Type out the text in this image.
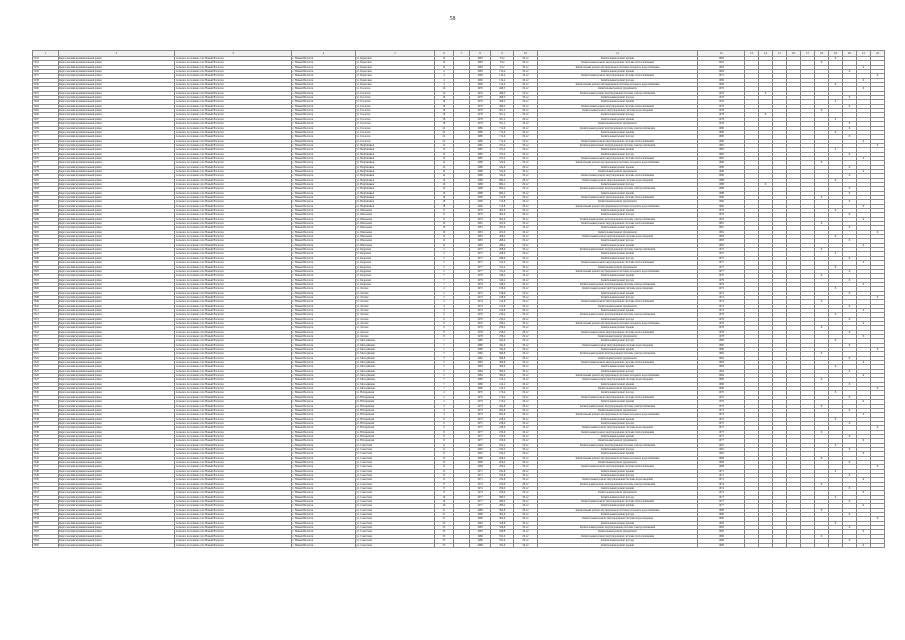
58
1	2	3	4	5	6	7	8	9	10	11	12	13	14	15	16	17	18	19	20	21	22
5253	Каргасокский муниципальный район	Сельское поселение села Новый Васюган	с. Новый Васюган	ул. Береговая	14		1983	53,2	29.12	Капитальный ремонт крыши	1983							X			
5254	Каргасокский муниципальный район	Сельское поселение села Новый Васюган	с. Новый Васюган	ул. Береговая	14		1983	53,2	29.12	Капитальный ремонт внутридомовой системы теплоснабжения	2022						X				
5255	Каргасокский муниципальный район	Сельское поселение села Новый Васюган	с. Новый Васюган	ул. Береговая	14		1983	53,2	29.12	Капитальный ремонт внутридомовой системы холодного водоснабжения	1983									X	
5256	Каргасокский муниципальный район	Сельское поселение села Новый Васюган	с. Новый Васюган	ул. Береговая	4		1969	134,4	29.12	Капитальный ремонт крыши	1969								X		
5257	Каргасокский муниципальный район	Сельское поселение села Новый Васюган	с. Новый Васюган	ул. Береговая	4		1969	134,4	29.12	Капитальный ремонт внутридомовой системы теплоснабжения	1972										X
5258	Каргасокский муниципальный район	Сельское поселение села Новый Васюган	с. Новый Васюган	ул. Береговая	4		1969	134,4	29.12	Капитальный ремонт фасада	1969									X	
5259	Каргасокский муниципальный район	Сельское поселение села Новый Васюган	с. Новый Васюган	ул. Береговая	4		1969	134,4	29.12	Капитальный ремонт внутридомовой системы холодного водоснабжения	1969							X			
5260	Каргасокский муниципальный район	Сельское поселение села Новый Васюган	с. Новый Васюган	ул. Геологов	16		1976	498,3	29.12	Капитальный ремонт фундамента	1976									X	
5261	Каргасокский муниципальный район	Сельское поселение села Новый Васюган	с. Новый Васюган	ул. Геологов	16		1976	498,3	29.12	Капитальный ремонт внутридомовой системы электроснабжения	1976		X								
5262	Каргасокский муниципальный район	Сельское поселение села Новый Васюган	с. Новый Васюган	ул. Геологов	16		1976	498,3	29.12	Капитальный ремонт фасада	1976								X		
5263	Каргасокский муниципальный район	Сельское поселение села Новый Васюган	с. Новый Васюган	ул. Геологов	16		1976	498,3	29.12	Капитальный ремонт крыши	1976							X			
5264	Каргасокский муниципальный район	Сельское поселение села Новый Васюган	с. Новый Васюган	ул. Геологов	16		1976	498,3	29.12	Капитальный ремонт внутридомовой системы теплоснабжения	1976								X		
5265	Каргасокский муниципальный район	Сельское поселение села Новый Васюган	с. Новый Васюган	ул. Геологов	18		1978	501,2	29.12	Капитальный ремонт внутридомовой системы водоотведения	1978						X				
5266	Каргасокский муниципальный район	Сельское поселение села Новый Васюган	с. Новый Васюган	ул. Геологов	18		1978	501,2	29.12	Капитальный ремонт фасада	1978		X								
5267	Каргасокский муниципальный район	Сельское поселение села Новый Васюган	с. Новый Васюган	ул. Геологов	18		1978	501,2	29.12	Капитальный ремонт крыши	1978							X			
5268	Каргасокский муниципальный район	Сельское поселение села Новый Васюган	с. Новый Васюган	ул. Геологов	18		1978	501,2	29.12	Капитальный ремонт фундамента	1978								X		
5269	Каргасокский муниципальный район	Сельское поселение села Новый Васюган	с. Новый Васюган	ул. Геологов	22		1980	712,6	29.12	Капитальный ремонт внутридомовой системы электроснабжения	1980								X		
5270	Каргасокский муниципальный район	Сельское поселение села Новый Васюган	с. Новый Васюган	ул. Геологов	22		1980	712,6	29.12	Капитальный ремонт крыши	1980							X			
5271	Каргасокский муниципальный район	Сельское поселение села Новый Васюган	с. Новый Васюган	ул. Геологов	22		1980	712,6	29.12	Капитальный ремонт фасада	1980								X		
5272	Каргасокский муниципальный район	Сельское поселение села Новый Васюган	с. Новый Васюган	ул. Геологов	22		1980	712,6	29.12	Капитальный ремонт внутридомовой системы теплоснабжения	1980									X	
5273	Каргасокский муниципальный район	Сельское поселение села Новый Васюган	с. Новый Васюган	ул. Нефтяников	12		1985	472,4	29.12	Капитальный ремонт внутридомовой системы электроснабжения	1985										X
5274	Каргасокский муниципальный район	Сельское поселение села Новый Васюган	с. Новый Васюган	ул. Нефтяников	12		1985	472,4	29.12	Капитальный ремонт крыши	1985							X			
5275	Каргасокский муниципальный район	Сельское поселение села Новый Васюган	с. Новый Васюган	ул. Нефтяников	12		1985	472,4	29.12	Капитальный ремонт фасада	1985								X		
5276	Каргасокский муниципальный район	Сельское поселение села Новый Васюган	с. Новый Васюган	ул. Нефтяников	12		1985	472,4	29.12	Капитальный ремонт внутридомовой системы теплоснабжения	1985									X	
5277	Каргасокский муниципальный район	Сельское поселение села Новый Васюган	с. Новый Васюган	ул. Нефтяников	14		1986	524,6	29.12	Капитальный ремонт внутридомовой системы холодного водоснабжения	1986						X				
5278	Каргасокский муниципальный район	Сельское поселение села Новый Васюган	с. Новый Васюган	ул. Нефтяников	14		1986	524,6	29.12	Капитальный ремонт крыши	1986								X		
5279	Каргасокский муниципальный район	Сельское поселение села Новый Васюган	с. Новый Васюган	ул. Нефтяников	14		1986	524,6	29.12	Капитальный ремонт фундамента	1986									X	
5280	Каргасокский муниципальный район	Сельское поселение села Новый Васюган	с. Новый Васюган	ул. Нефтяников	14		1986	524,6	29.12	Капитальный ремонт внутридомовой системы теплоснабжения	1986								X		
5281	Каргасокский муниципальный район	Сельское поселение села Новый Васюган	с. Новый Васюган	ул. Нефтяников	16		1988	684,2	29.12	Капитальный ремонт внутридомовой системы водоотведения	1988							X			
5282	Каргасокский муниципальный район	Сельское поселение села Новый Васюган	с. Новый Васюган	ул. Нефтяников	16		1988	684,2	29.12	Капитальный ремонт фасада	1988		X								
5283	Каргасокский муниципальный район	Сельское поселение села Новый Васюган	с. Новый Васюган	ул. Нефтяников	16		1988	684,2	29.12	Капитальный ремонт внутридомовой системы электроснабжения	1988								X		
5284	Каргасокский муниципальный район	Сельское поселение села Новый Васюган	с. Новый Васюган	ул. Нефтяников	16		1988	684,2	29.12	Капитальный ремонт крыши	1988								X		
5285	Каргасокский муниципальный район	Сельское поселение села Новый Васюган	с. Новый Васюган	ул. Нефтяников	18		1990	712,8	29.12	Капитальный ремонт внутридомовой системы теплоснабжения	1990						X				
5286	Каргасокский муниципальный район	Сельское поселение села Новый Васюган	с. Новый Васюган	ул. Нефтяников	18		1990	712,8	29.12	Капитальный ремонт фундамента	1990								X		
5287	Каргасокский муниципальный район	Сельское поселение села Новый Васюган	с. Новый Васюган	ул. Нефтяников	18		1990	712,8	29.12	Капитальный ремонт внутридомовой системы холодного водоснабжения	1990									X	
5288	Каргасокский муниципальный район	Сельское поселение села Новый Васюган	с. Новый Васюган	ул. Школьная	8		1979	402,6	29.12	Капитальный ремонт крыши	1979							X			
5289	Каргасокский муниципальный район	Сельское поселение села Новый Васюган	с. Новый Васюган	ул. Школьная	8		1979	402,6	29.12	Капитальный ремонт фасада	1979								X		
5290	Каргасокский муниципальный район	Сельское поселение села Новый Васюган	с. Новый Васюган	ул. Школьная	8		1979	402,6	29.12	Капитальный ремонт внутридомовой системы электроснабжения	1979									X	
5291	Каргасокский муниципальный район	Сельское поселение села Новый Васюган	с. Новый Васюган	ул. Школьная	10		1981	455,0	29.12	Капитальный ремонт внутридомовой системы теплоснабжения	1981						X				
5292	Каргасокский муниципальный район	Сельское поселение села Новый Васюган	с. Новый Васюган	ул. Школьная	10		1981	455,0	29.12	Капитальный ремонт крыши	1981								X		
5293	Каргасокский муниципальный район	Сельское поселение села Новый Васюган	с. Новый Васюган	ул. Школьная	10		1981	455,0	29.12	Капитальный ремонт фундамента	1981										X
5294	Каргасокский муниципальный район	Сельское поселение села Новый Васюган	с. Новый Васюган	ул. Школьная	12		1983	498,4	29.12	Капитальный ремонт внутридомовой системы водоотведения	1983							X			
5295	Каргасокский муниципальный район	Сельское поселение села Новый Васюган	с. Новый Васюган	ул. Школьная	12		1983	498,4	29.12	Капитальный ремонт фасада	1983								X		
5296	Каргасокский муниципальный район	Сельское поселение села Новый Васюган	с. Новый Васюган	ул. Школьная	12		1983	498,4	29.12	Капитальный ремонт крыши	1983									X	
5297	Каргасокский муниципальный район	Сельское поселение села Новый Васюган	с. Новый Васюган	ул. Кедровая	3		1975	268,6	29.12	Капитальный ремонт внутридомовой системы электроснабжения	1975						X				
5298	Каргасокский муниципальный район	Сельское поселение села Новый Васюган	с. Новый Васюган	ул. Кедровая	3		1975	268,6	29.12	Капитальный ремонт крыши	1975							X			
5299	Каргасокский муниципальный район	Сельское поселение села Новый Васюган	с. Новый Васюган	ул. Кедровая	3		1975	268,6	29.12	Капитальный ремонт фасада	1975								X		
5300	Каргасокский муниципальный район	Сельское поселение села Новый Васюган	с. Новый Васюган	ул. Кедровая	5		1977	312,4	29.12	Капитальный ремонт внутридомовой системы теплоснабжения	1977									X	
5301	Каргасокский муниципальный район	Сельское поселение села Новый Васюган	с. Новый Васюган	ул. Кедровая	5		1977	312,4	29.12	Капитальный ремонт фундамента	1977							X			
5302	Каргасокский муниципальный район	Сельское поселение села Новый Васюган	с. Новый Васюган	ул. Кедровая	5		1977	312,4	29.12	Капитальный ремонт внутридомовой системы холодного водоснабжения	1977								X		
5303	Каргасокский муниципальный район	Сельское поселение села Новый Васюган	с. Новый Васюган	ул. Кедровая	7		1979	340,2	29.12	Капитальный ремонт крыши	1979						X				
5304	Каргасокский муниципальный район	Сельское поселение села Новый Васюган	с. Новый Васюган	ул. Кедровая	7		1979	340,2	29.12	Капитальный ремонт фасада	1979								X		
5305	Каргасокский муниципальный район	Сельское поселение села Новый Васюган	с. Новый Васюган	ул. Кедровая	7		1979	340,2	29.12	Капитальный ремонт внутридомовой системы электроснабжения	1979									X	
5306	Каргасокский муниципальный район	Сельское поселение села Новый Васюган	с. Новый Васюган	ул. Лесная	2		1972	198,6	29.12	Капитальный ремонт внутридомовой системы водоотведения	1972							X			
5307	Каргасокский муниципальный район	Сельское поселение села Новый Васюган	с. Новый Васюган	ул. Лесная	2		1972	198,6	29.12	Капитальный ремонт крыши	1972								X		
5308	Каргасокский муниципальный район	Сельское поселение села Новый Васюган	с. Новый Васюган	ул. Лесная	2		1972	198,6	29.12	Капитальный ремонт фасада	1972										X
5309	Каргасокский муниципальный район	Сельское поселение села Новый Васюган	с. Новый Васюган	ул. Лесная	4		1974	214,8	29.12	Капитальный ремонт внутридомовой системы теплоснабжения	1974						X				
5310	Каргасокский муниципальный район	Сельское поселение села Новый Васюган	с. Новый Васюган	ул. Лесная	4		1974	214,8	29.12	Капитальный ремонт фундамента	1974								X		
5311	Каргасокский муниципальный район	Сельское поселение села Новый Васюган	с. Новый Васюган	ул. Лесная	4		1974	214,8	29.12	Капитальный ремонт крыши	1974									X	
5312	Каргасокский муниципальный район	Сельское поселение села Новый Васюган	с. Новый Васюган	ул. Лесная	6		1976	236,2	29.12	Капитальный ремонт внутридомовой системы электроснабжения	1976							X			
5313	Каргасокский муниципальный район	Сельское поселение села Новый Васюган	с. Новый Васюган	ул. Лесная	6		1976	236,2	29.12	Капитальный ремонт фасада	1976								X		
5314	Каргасокский муниципальный район	Сельское поселение села Новый Васюган	с. Новый Васюган	ул. Лесная	6		1976	236,2	29.12	Капитальный ремонт внутридомовой системы холодного водоснабжения	1976									X	
5315	Каргасокский муниципальный район	Сельское поселение села Новый Васюган	с. Новый Васюган	ул. Лесная	8		1978	258,4	29.12	Капитальный ремонт крыши	1978						X				
5316	Каргасокский муниципальный район	Сельское поселение села Новый Васюган	с. Новый Васюган	ул. Лесная	8		1978	258,4	29.12	Капитальный ремонт внутридомовой системы теплоснабжения	1978								X		
5317	Каргасокский муниципальный район	Сельское поселение села Новый Васюган	с. Новый Васюган	ул. Лесная	8		1978	258,4	29.12	Капитальный ремонт фундамента	1978									X	
5318	Каргасокский муниципальный район	Сельское поселение села Новый Васюган	с. Новый Васюган	ул. Молодёжная	1		1980	342,6	29.12	Капитальный ремонт фасада	1980							X			
5319	Каргасокский муниципальный район	Сельское поселение села Новый Васюган	с. Новый Васюган	ул. Молодёжная	1		1980	342,6	29.12	Капитальный ремонт внутридомовой системы водоотведения	1980								X		
5320	Каргасокский муниципальный район	Сельское поселение села Новый Васюган	с. Новый Васюган	ул. Молодёжная	1		1980	342,6	29.12	Капитальный ремонт крыши	1980										X
5321	Каргасокский муниципальный район	Сельское поселение села Новый Васюган	с. Новый Васюган	ул. Молодёжная	3		1982	366,8	29.12	Капитальный ремонт внутридомовой системы электроснабжения	1982						X				
5322	Каргасокский муниципальный район	Сельское поселение села Новый Васюган	с. Новый Васюган	ул. Молодёжная	3		1982	366,8	29.12	Капитальный ремонт фундамента	1982								X		
5323	Каргасокский муниципальный район	Сельское поселение села Новый Васюган	с. Новый Васюган	ул. Молодёжная	3		1982	366,8	29.12	Капитальный ремонт внутридомовой системы теплоснабжения	1982									X	
5324	Каргасокский муниципальный район	Сельское поселение села Новый Васюган	с. Новый Васюган	ул. Молодёжная	5		1984	390,0	29.12	Капитальный ремонт крыши	1984							X			
5325	Каргасокский муниципальный район	Сельское поселение села Новый Васюган	с. Новый Васюган	ул. Молодёжная	5		1984	390,0	29.12	Капитальный ремонт фасада	1984								X		
5326	Каргасокский муниципальный район	Сельское поселение села Новый Васюган	с. Новый Васюган	ул. Молодёжная	5		1984	390,0	29.12	Капитальный ремонт внутридомовой системы холодного водоснабжения	1984									X	
5327	Каргасокский муниципальный район	Сельское поселение села Новый Васюган	с. Новый Васюган	ул. Молодёжная	7		1986	412,2	29.12	Капитальный ремонт внутридомовой системы водоотведения	1986						X				
5328	Каргасокский муниципальный район	Сельское поселение села Новый Васюган	с. Новый Васюган	ул. Молодёжная	7		1986	412,2	29.12	Капитальный ремонт крыши	1986								X		
5329	Каргасокский муниципальный район	Сельское поселение села Новый Васюган	с. Новый Васюган	ул. Молодёжная	7		1986	412,2	29.12	Капитальный ремонт фундамента	1986										X
5330	Каргасокский муниципальный район	Сельское поселение села Новый Васюган	с. Новый Васюган	ул. Набережная	2		1970	176,4	29.12	Капитальный ремонт фасада	1970							X			
5331	Каргасокский муниципальный район	Сельское поселение села Новый Васюган	с. Новый Васюган	ул. Набережная	2		1970	176,4	29.12	Капитальный ремонт внутридомовой системы теплоснабжения	1970								X		
5332	Каргасокский муниципальный район	Сельское поселение села Новый Васюган	с. Новый Васюган	ул. Набережная	2		1970	176,4	29.12	Капитальный ремонт крыши	1970									X	
5333	Каргасокский муниципальный район	Сельское поселение села Новый Васюган	с. Новый Васюган	ул. Набережная	4		1973	204,8	29.12	Капитальный ремонт внутридомовой системы электроснабжения	1973						X				
5334	Каргасокский муниципальный район	Сельское поселение села Новый Васюган	с. Новый Васюган	ул. Набережная	4		1973	204,8	29.12	Капитальный ремонт фундамента	1973								X		
5335	Каргасокский муниципальный район	Сельское поселение села Новый Васюган	с. Новый Васюган	ул. Набережная	4		1973	204,8	29.12	Капитальный ремонт внутридомовой системы холодного водоснабжения	1973									X	
5336	Каргасокский муниципальный район	Сельское поселение села Новый Васюган	с. Новый Васюган	ул. Набережная	6		1975	228,0	29.12	Капитальный ремонт крыши	1975							X			
5337	Каргасокский муниципальный район	Сельское поселение села Новый Васюган	с. Новый Васюган	ул. Набережная	6		1975	228,0	29.12	Капитальный ремонт фасада	1975								X		
5338	Каргасокский муниципальный район	Сельское поселение села Новый Васюган	с. Новый Васюган	ул. Набережная	6		1975	228,0	29.12	Капитальный ремонт внутридомовой системы водоотведения	1975										X
5339	Каргасокский муниципальный район	Сельское поселение села Новый Васюган	с. Новый Васюган	ул. Набережная	8		1977	250,6	29.12	Капитальный ремонт внутридомовой системы теплоснабжения	1977						X				
5340	Каргасокский муниципальный район	Сельское поселение села Новый Васюган	с. Новый Васюган	ул. Набережная	8		1977	250,6	29.12	Капитальный ремонт крыши	1977								X		
5341	Каргасокский муниципальный район	Сельское поселение села Новый Васюган	с. Новый Васюган	ул. Набережная	8		1977	250,6	29.12	Капитальный ремонт фундамента	1977									X	
5342	Каргасокский муниципальный район	Сельское поселение села Новый Васюган	с. Новый Васюган	ул. Советская	11		1965	184,2	29.12	Капитальный ремонт внутридомовой системы электроснабжения	1965							X			
5343	Каргасокский муниципальный район	Сельское поселение села Новый Васюган	с. Новый Васюган	ул. Советская	11		1965	184,2	29.12	Капитальный ремонт фасада	1965								X		
5344	Каргасокский муниципальный район	Сельское поселение села Новый Васюган	с. Новый Васюган	ул. Советская	11		1965	184,2	29.12	Капитальный ремонт крыши	1965									X	
5345	Каргасокский муниципальный район	Сельское поселение села Новый Васюган	с. Новый Васюган	ул. Советская	13		1968	206,4	29.12	Капитальный ремонт внутридомовой системы холодного водоснабжения	1968						X				
5346	Каргасокский муниципальный район	Сельское поселение села Новый Васюган	с. Новый Васюган	ул. Советская	13		1968	206,4	29.12	Капитальный ремонт фундамента	1968								X		
5347	Каргасокский муниципальный район	Сельское поселение села Новый Васюган	с. Новый Васюган	ул. Советская	13		1968	206,4	29.12	Капитальный ремонт внутридомовой системы теплоснабжения	1968										X
5348	Каргасокский муниципальный район	Сельское поселение села Новый Васюган	с. Новый Васюган	ул. Советская	15		1971	232,8	29.12	Капитальный ремонт крыши	1971							X			
5349	Каргасокский муниципальный район	Сельское поселение села Новый Васюган	с. Новый Васюган	ул. Советская	15		1971	232,8	29.12	Капитальный ремонт фасада	1971								X		
5350	Каргасокский муниципальный район	Сельское поселение села Новый Васюган	с. Новый Васюган	ул. Советская	15		1971	232,8	29.12	Капитальный ремонт внутридомовой системы водоотведения	1971									X	
5351	Каргасокский муниципальный район	Сельское поселение села Новый Васюган	с. Новый Васюган	ул. Советская	17		1974	256,0	29.12	Капитальный ремонт внутридомовой системы электроснабжения	1974						X				
5352	Каргасокский муниципальный район	Сельское поселение села Новый Васюган	с. Новый Васюган	ул. Советская	17		1974	256,0	29.12	Капитальный ремонт крыши	1974								X		
5353	Каргасокский муниципальный район	Сельское поселение села Новый Васюган	с. Новый Васюган	ул. Советская	17		1974	256,0	29.12	Капитальный ремонт фундамента	1974									X	
5354	Каргасокский муниципальный район	Сельское поселение села Новый Васюган	с. Новый Васюган	ул. Советская	19		1977	280,2	29.12	Капитальный ремонт фасада	1977							X			
5355	Каргасокский муниципальный район	Сельское поселение села Новый Васюган	с. Новый Васюган	ул. Советская	19		1977	280,2	29.12	Капитальный ремонт внутридомовой системы теплоснабжения	1977								X		
5356	Каргасокский муниципальный район	Сельское поселение села Новый Васюган	с. Новый Васюган	ул. Советская	19		1977	280,2	29.12	Капитальный ремонт крыши	1977									X	
5357	Каргасокский муниципальный район	Сельское поселение села Новый Васюган	с. Новый Васюган	ул. Советская	21		1980	304,6	29.12	Капитальный ремонт внутридомовой системы холодного водоснабжения	1980						X				
5358	Каргасокский муниципальный район	Сельское поселение села Новый Васюган	с. Новый Васюган	ул. Советская	21		1980	304,6	29.12	Капитальный ремонт фасада	1980								X		
5359	Каргасокский муниципальный район	Сельское поселение села Новый Васюган	с. Новый Васюган	ул. Советская	21		1980	304,6	29.12	Капитальный ремонт внутридомовой системы водоотведения	1980										X
5360	Каргасокский муниципальный район	Сельское поселение села Новый Васюган	с. Новый Васюган	ул. Советская	23		1983	328,8	29.12	Капитальный ремонт крыши	1983							X			
5361	Каргасокский муниципальный район	Сельское поселение села Новый Васюган	с. Новый Васюган	ул. Советская	23		1983	328,8	29.12	Капитальный ремонт внутридомовой системы электроснабжения	1983								X		
5362	Каргасокский муниципальный район	Сельское поселение села Новый Васюган	с. Новый Васюган	ул. Советская	23		1983	328,8	29.12	Капитальный ремонт фундамента	1983									X	
5363	Каргасокский муниципальный район	Сельское поселение села Новый Васюган	с. Новый Васюган	ул. Советская	25		1986	352,0	29.12	Капитальный ремонт внутридомовой системы теплоснабжения	1986						X				
5364	Каргасокский муниципальный район	Сельское поселение села Новый Васюган	с. Новый Васюган	ул. Советская	25		1986	352,0	29.12	Капитальный ремонт фасада	1986								X		
5365	Каргасокский муниципальный район	Сельское поселение села Новый Васюган	с. Новый Васюган	ул. Советская	25		1986	352,0	29.12	Капитальный ремонт крыши	1986									X	
